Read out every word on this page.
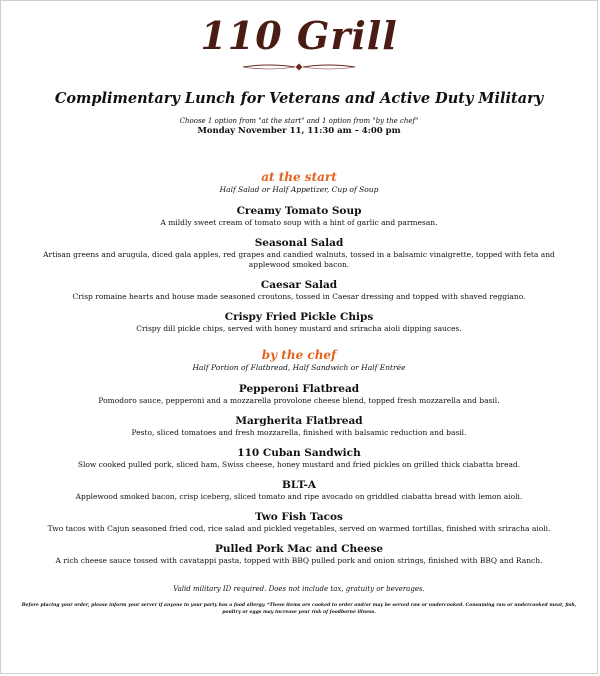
110 Grill
Complimentary Lunch for Veterans and Active Duty Military
Choose 1 option from "at the start" and 1 option from "by the chef"
Monday November 11, 11:30 am – 4:00 pm
at the start
Half Salad or Half Appetizer, Cup of Soup
Creamy Tomato Soup
A mildly sweet cream of tomato soup with a hint of garlic and parmesan.
Seasonal Salad
Artisan greens and arugula, diced gala apples, red grapes and candied walnuts, tossed in a balsamic vinaigrette, topped with feta and applewood smoked bacon.
Caesar Salad
Crisp romaine hearts and house made seasoned croutons, tossed in Caesar dressing and topped with shaved reggiano.
Crispy Fried Pickle Chips
Crispy dill pickle chips, served with honey mustard and sriracha aioli dipping sauces.
by the chef
Half Portion of Flatbread, Half Sandwich or Half Entrée
Pepperoni Flatbread
Pomodoro sauce, pepperoni and a mozzarella provolone cheese blend, topped fresh mozzarella and basil.
Margherita Flatbread
Pesto, sliced tomatoes and fresh mozzarella, finished with balsamic reduction and basil.
110 Cuban Sandwich
Slow cooked pulled pork, sliced ham, Swiss cheese, honey mustard and fried pickles on grilled thick ciabatta bread.
BLT-A
Applewood smoked bacon, crisp iceberg, sliced tomato and ripe avocado on griddled ciabatta bread with lemon aioli.
Two Fish Tacos
Two tacos with Cajun seasoned fried cod, rice salad and pickled vegetables, served on warmed tortillas, finished with sriracha aioli.
Pulled Pork Mac and Cheese
A rich cheese sauce tossed with cavatappi pasta, topped with BBQ pulled pork and onion strings, finished with BBQ and Ranch.
Valid military ID required. Does not include tax, gratuity or beverages.
Before placing your order, please inform your server if anyone in your party has a food allergy. *These items are cooked to order and/or may be served raw or undercooked. Consuming raw or undercooked meat, fish, poultry or eggs may increase your risk of foodborne illness.
